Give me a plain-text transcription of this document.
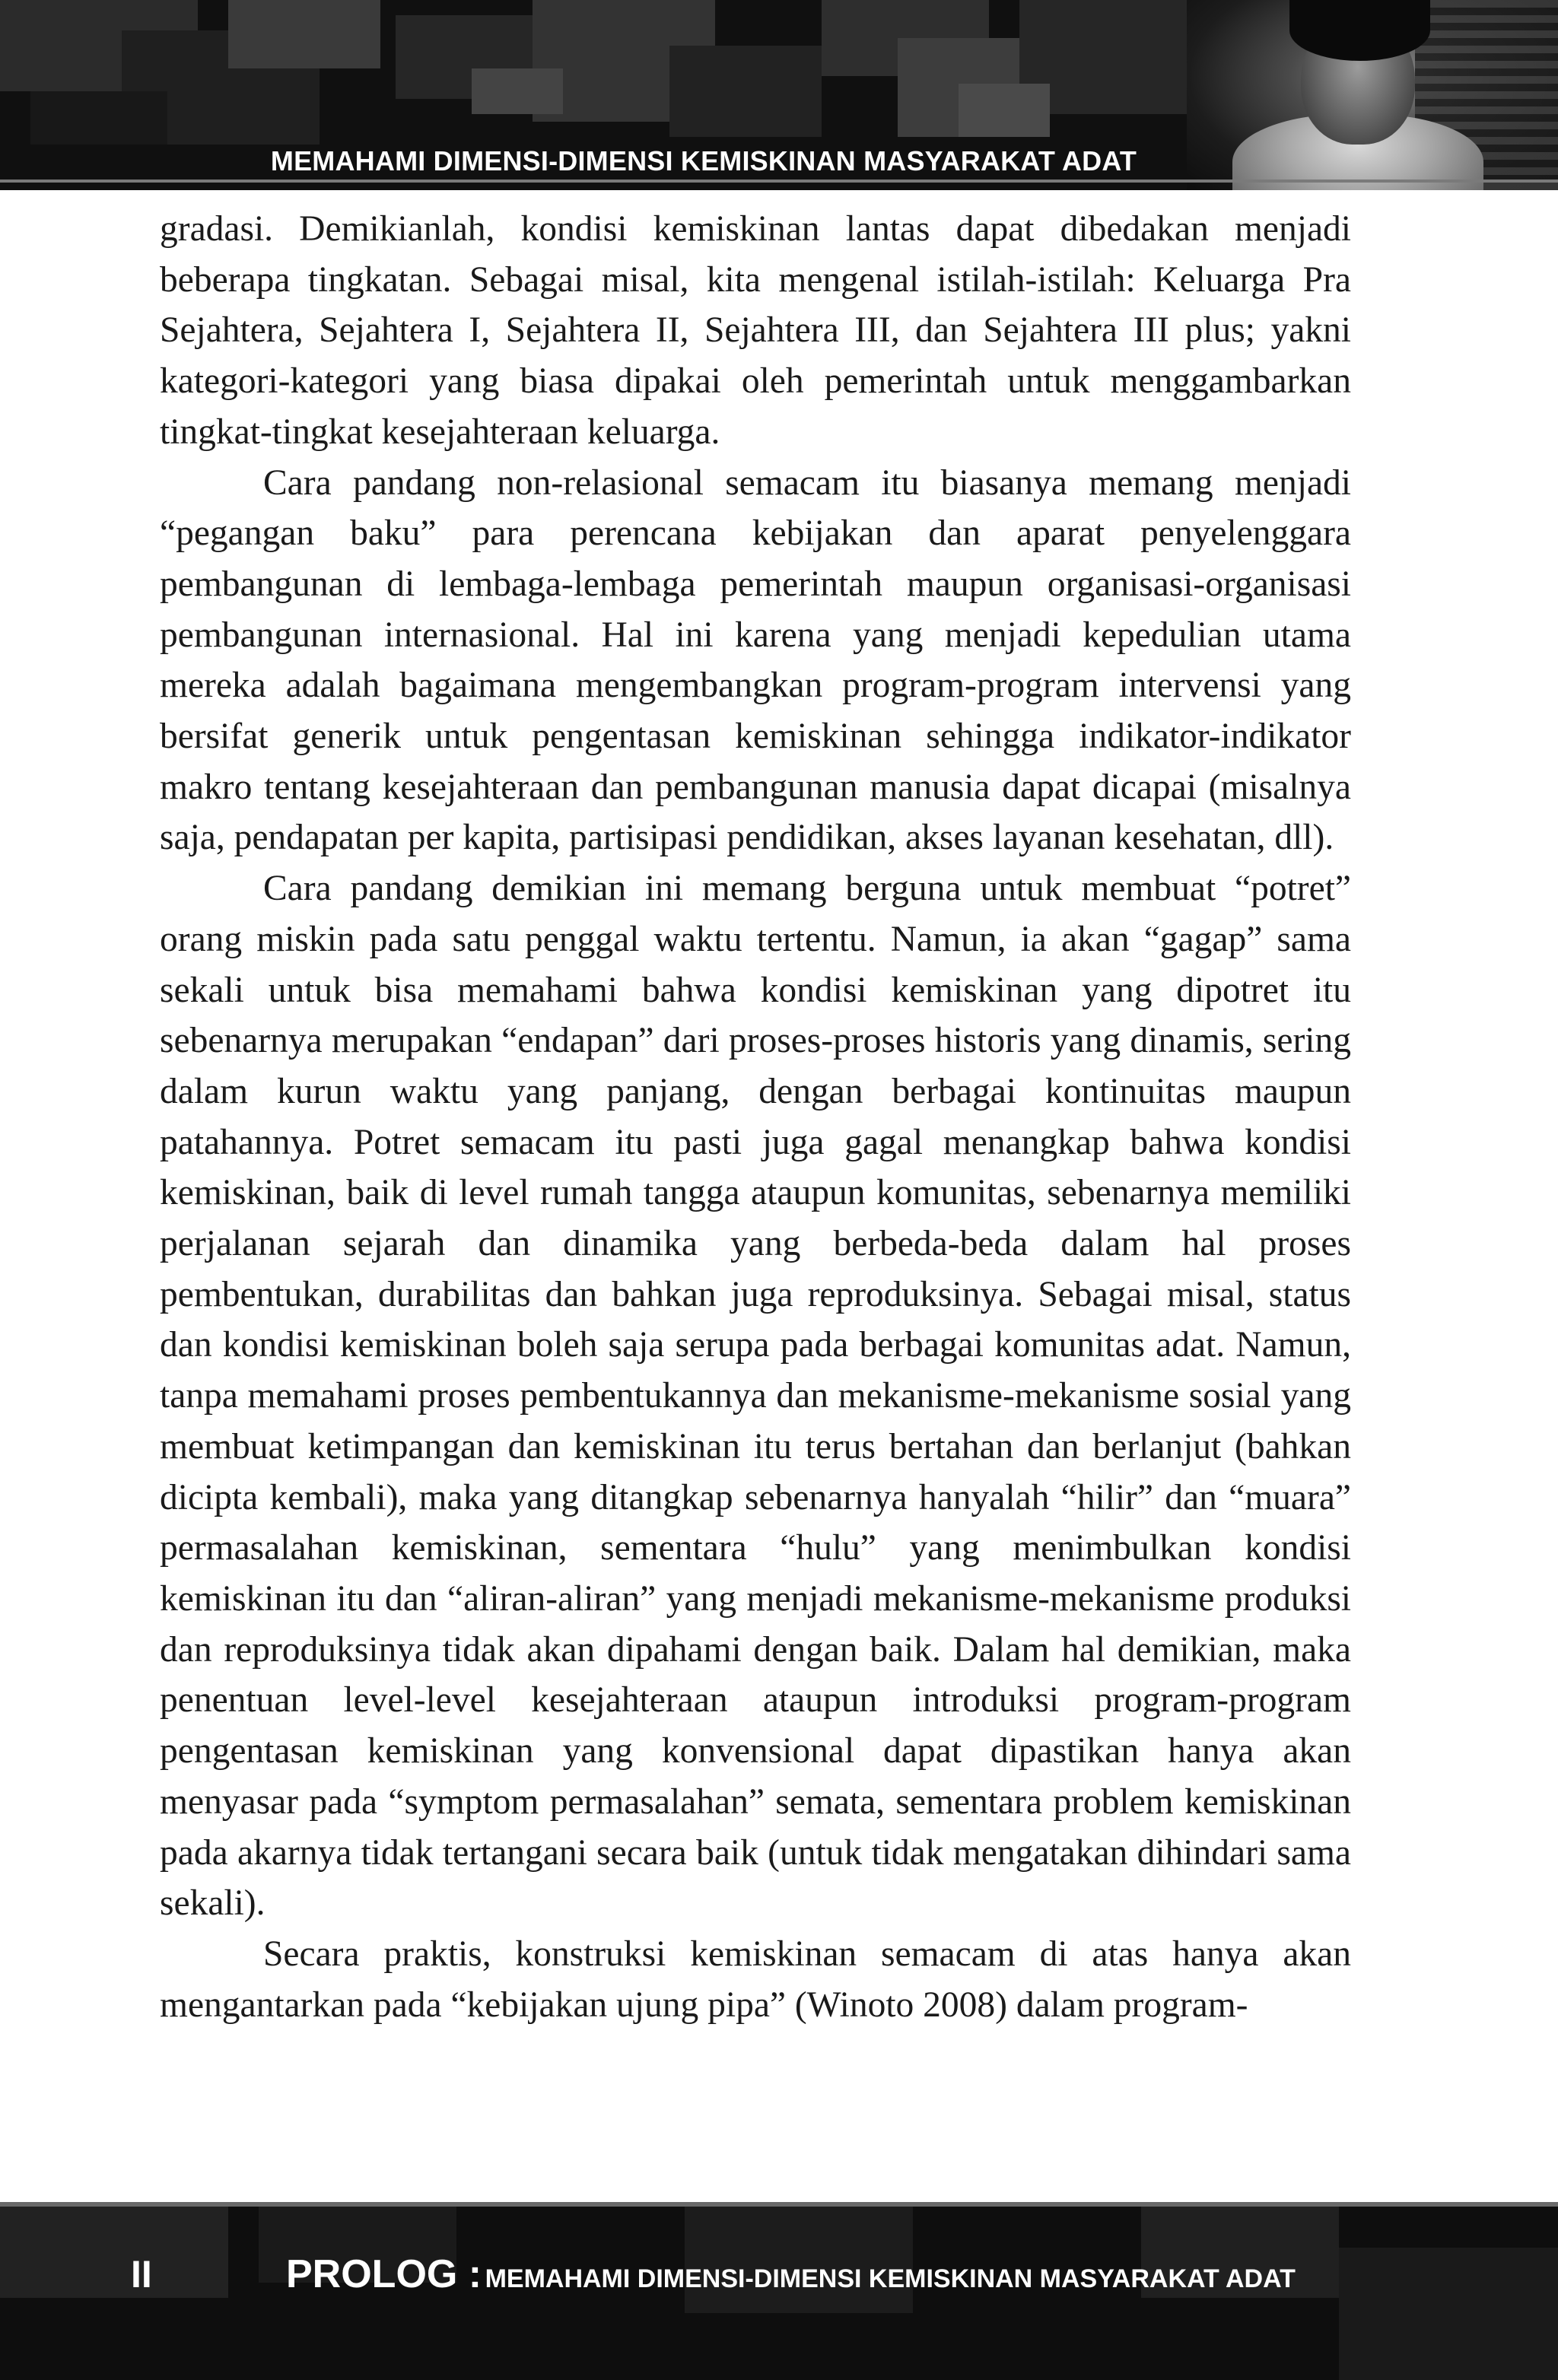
MEMAHAMI DIMENSI-DIMENSI KEMISKINAN MASYARAKAT ADAT

gradasi. Demikianlah, kondisi kemiskinan lantas dapat dibedakan menjadi beberapa tingkatan. Sebagai misal, kita mengenal istilah-istilah: Keluarga Pra Sejahtera, Sejahtera I, Sejahtera II, Sejahtera III, dan Sejahtera III plus; yakni kategori-kategori yang biasa dipakai oleh pemerintah untuk menggambarkan tingkat-tingkat kesejahteraan keluarga.

Cara pandang non-relasional semacam itu biasanya memang menjadi “pegangan baku” para perencana kebijakan dan aparat penyelenggara pembangunan di lembaga-lembaga pemerintah maupun organisasi-organisasi pembangunan internasional. Hal ini karena yang menjadi kepedulian utama mereka adalah bagaimana mengembangkan program-program intervensi yang bersifat generik untuk pengentasan kemiskinan sehingga indikator-indikator makro tentang kesejahteraan dan pembangunan manusia dapat dicapai (misalnya saja, pendapatan per kapita, partisipasi pendidikan, akses layanan kesehatan, dll).

Cara pandang demikian ini memang berguna untuk membuat “potret” orang miskin pada satu penggal waktu tertentu. Namun, ia akan “gagap” sama sekali untuk bisa memahami bahwa kondisi kemiskinan yang dipotret itu sebenarnya merupakan “endapan” dari proses-proses historis yang dinamis, sering dalam kurun waktu yang panjang, dengan berbagai kontinuitas maupun patahannya. Potret semacam itu pasti juga gagal menangkap bahwa kondisi kemiskinan, baik di level rumah tangga ataupun komunitas, sebenarnya memiliki perjalanan sejarah dan dinamika yang berbeda-beda dalam hal proses pembentukan, durabilitas dan bahkan juga reproduksinya. Sebagai misal, status dan kondisi kemiskinan boleh saja serupa pada berbagai komunitas adat. Namun, tanpa memahami proses pembentukannya dan mekanisme-mekanisme sosial yang membuat ketimpangan dan kemiskinan itu terus bertahan dan berlanjut (bahkan dicipta kembali), maka yang ditangkap sebenarnya hanyalah “hilir” dan “muara” permasalahan kemiskinan, sementara “hulu” yang menimbulkan kondisi kemiskinan itu dan “aliran-aliran” yang menjadi mekanisme-mekanisme produksi dan reproduksinya tidak akan dipahami dengan baik. Dalam hal demikian, maka penentuan level-level kesejahteraan ataupun introduksi program-program pengentasan kemiskinan yang konvensional dapat dipastikan hanya akan menyasar pada “symptom permasalahan” semata, sementara problem kemiskinan pada akarnya tidak tertangani secara baik (untuk tidak mengatakan dihindari sama sekali).

Secara praktis, konstruksi kemiskinan semacam di atas hanya akan mengantarkan pada “kebijakan ujung pipa” (Winoto 2008) dalam program-

II	PROLOG : MEMAHAMI DIMENSI-DIMENSI KEMISKINAN MASYARAKAT ADAT
